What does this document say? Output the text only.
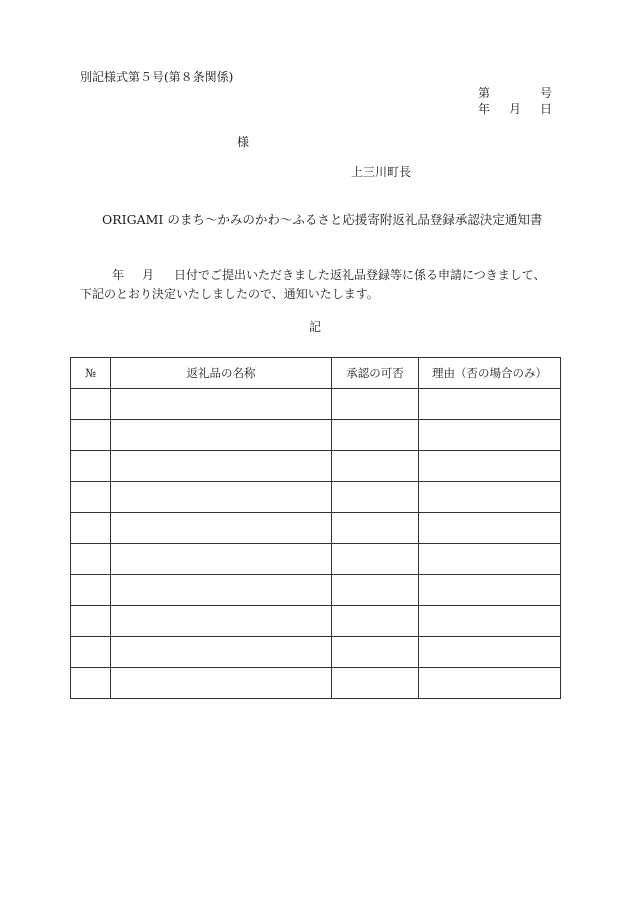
別記様式第５号(第８条関係)
第	号
年 月 日
様
上三川町長
ORIGAMI のまち～かみのかわ～ふるさと応援寄附返礼品登録承認決定通知書
年 月 日付でご提出いただきました返礼品登録等に係る申請につきまして、
下記のとおり決定いたしましたので、通知いたします。
記
№	返礼品の名称	承認の可否	理由（否の場合のみ）
